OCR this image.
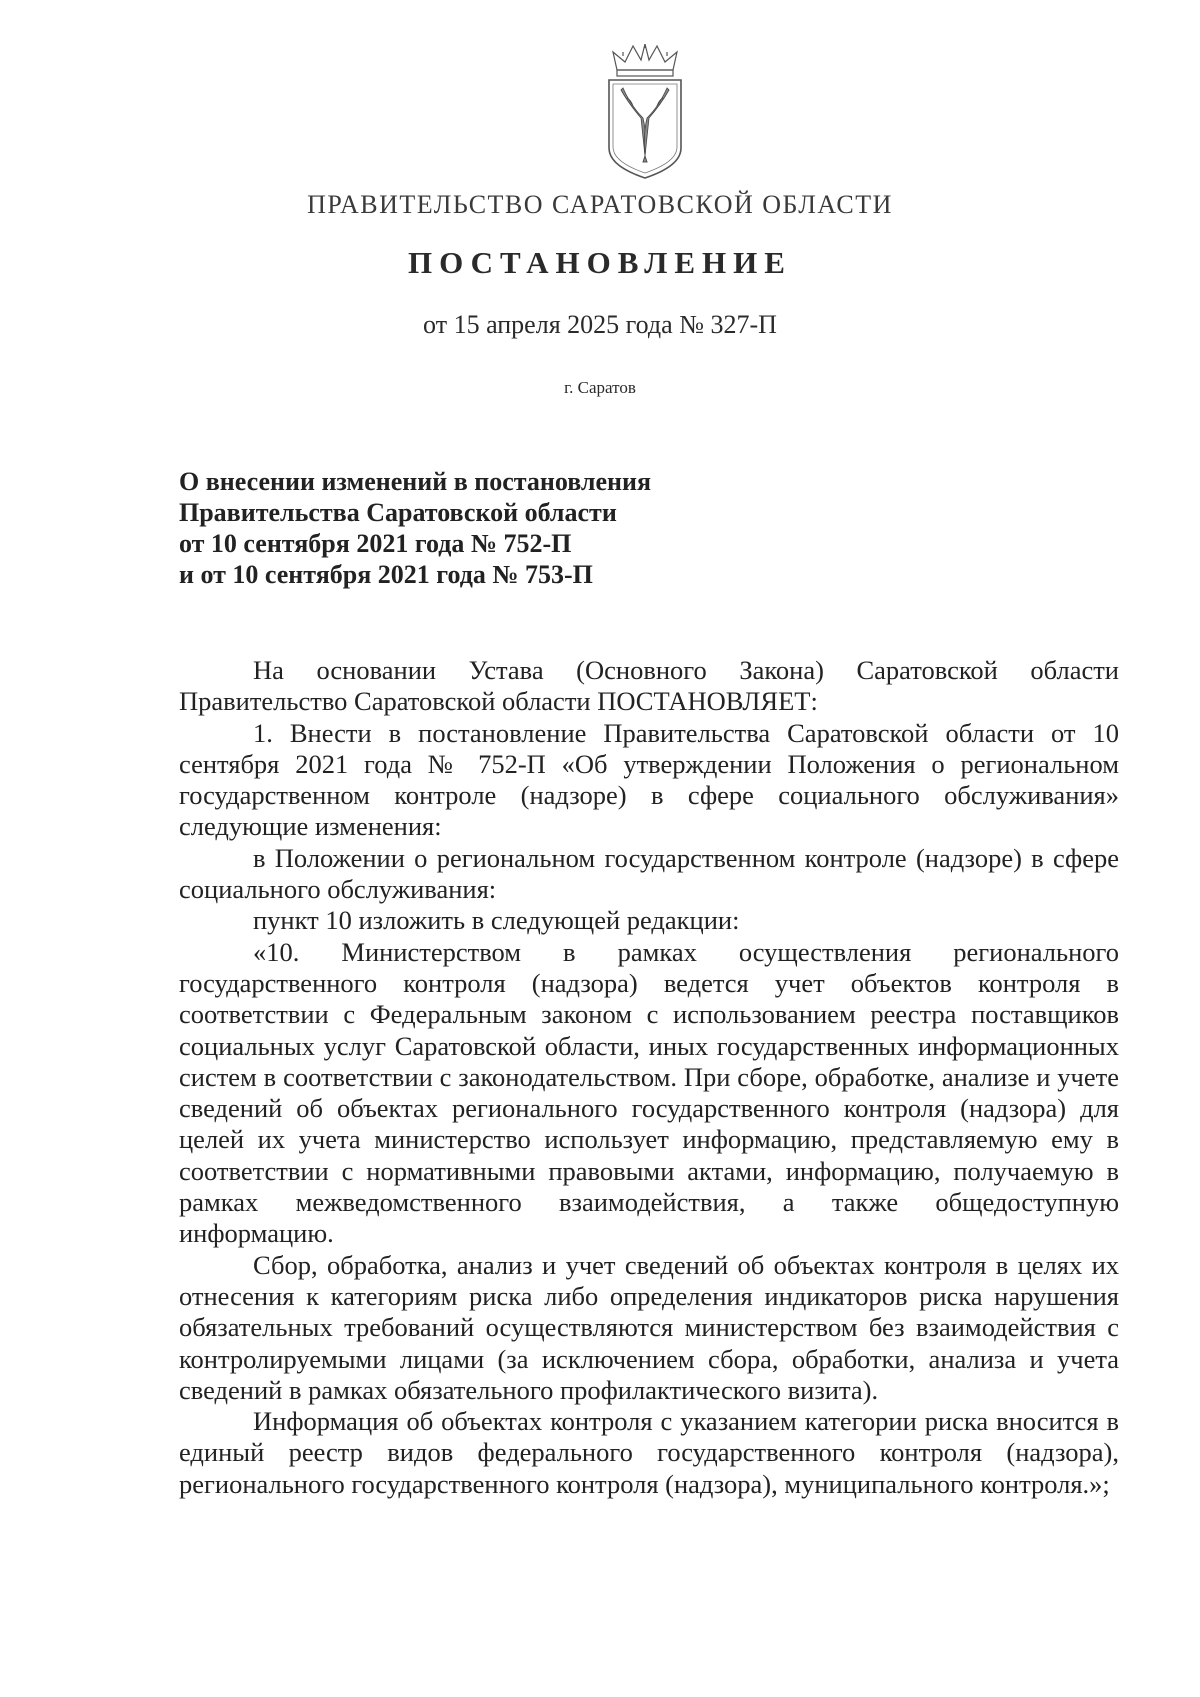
ПРАВИТЕЛЬСТВО САРАТОВСКОЙ ОБЛАСТИ
ПОСТАНОВЛЕНИЕ
от 15 апреля 2025 года № 327-П
г. Саратов
О внесении изменений в постановления
Правительства Саратовской области
от 10 сентября 2021 года № 752-П
и от 10 сентября 2021 года № 753-П

На основании Устава (Основного Закона) Саратовской области Правительство Саратовской области ПОСТАНОВЛЯЕТ:

1. Внести в постановление Правительства Саратовской области от 10 сентября 2021 года № 752-П «Об утверждении Положения о региональном государственном контроле (надзоре) в сфере социального обслуживания» следующие изменения:

в Положении о региональном государственном контроле (надзоре) в сфере социального обслуживания:

пункт 10 изложить в следующей редакции:

«10. Министерством в рамках осуществления регионального государственного контроля (надзора) ведется учет объектов контроля в соответствии с Федеральным законом с использованием реестра поставщиков социальных услуг Саратовской области, иных государственных информационных систем в соответствии с законодательством. При сборе, обработке, анализе и учете сведений об объектах регионального государственного контроля (надзора) для целей их учета министерство использует информацию, представляемую ему в соответствии с нормативными правовыми актами, информацию, получаемую в рамках межведомственного взаимодействия, а также общедоступную информацию.

Сбор, обработка, анализ и учет сведений об объектах контроля в целях их отнесения к категориям риска либо определения индикаторов риска нарушения обязательных требований осуществляются министерством без взаимодействия с контролируемыми лицами (за исключением сбора, обработки, анализа и учета сведений в рамках обязательного профилактического визита).

Информация об объектах контроля с указанием категории риска вносится в единый реестр видов федерального государственного контроля (надзора), регионального государственного контроля (надзора), муниципального контроля.»;
